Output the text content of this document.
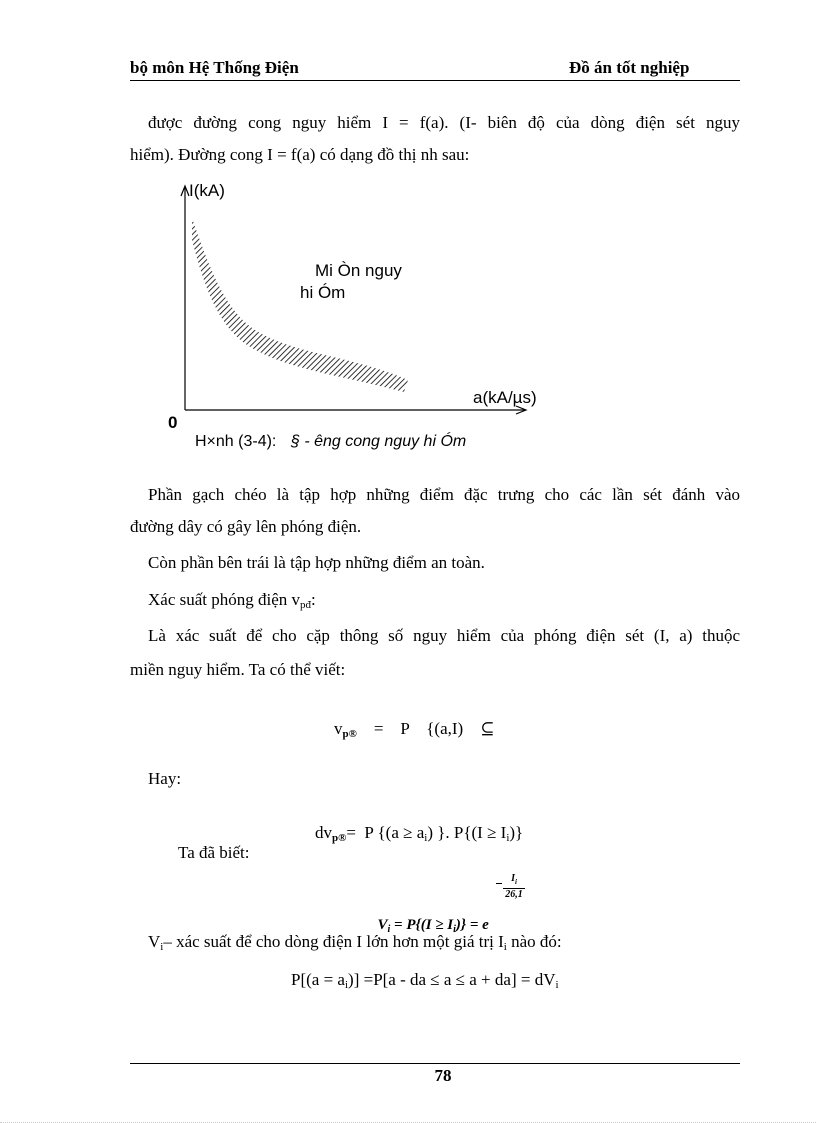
bộ môn Hệ Thống Điện	Đồ án tốt nghiệp
được đường cong nguy hiểm I = f(a). (I- biên độ của dòng điện sét nguy
hiểm). Đường cong I = f(a) có dạng đồ thị nh sau:
I(kA)
a(kA/µs)
0
Mi Òn nguy
hi Óm
H×nh (3-4): § - êng cong nguy hi Óm
Phần gạch chéo là tập hợp những điểm đặc trưng cho các lần sét đánh vào
đường dây có gây lên phóng điện.
Còn phần bên trái là tập hợp những điểm an toàn.
Xác suất phóng điện $v_{pđ}$:
Là xác suất để cho cặp thông số nguy hiểm của phóng điện sét (I, a) thuộc
miền nguy hiểm. Ta có thể viết:
$v_{p®}$ =    P    {(a,I)    ⊆
Hay:
$dv_{p®}= P$ {$(a \ge a_i)$ }. $P\{(I \ge I_i)\}$
Ta đã biết:

$V_i = P\{(I \ge I_i)\} = e$

$I_i$
26,1
$V_i-$ xác suất để cho dòng điện I lớn hơn một giá trị $I_i$ nào đó:
$P[(a = a_i)] =P[a$ - da ≤ $a \le a + da] = dV_i$
78
